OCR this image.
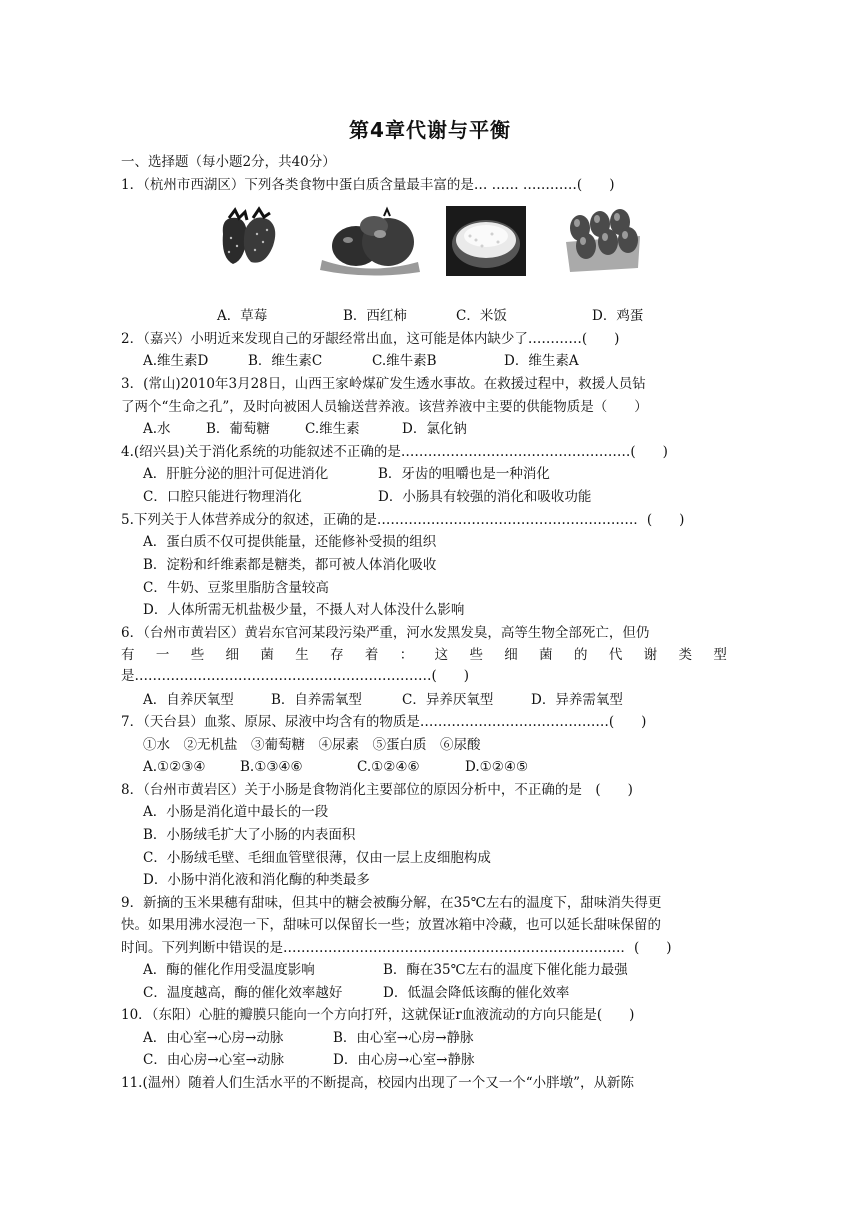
第4章代谢与平衡
一、选择题（每小题2分，共40分）
1．（杭州市西湖区）下列各类食物中蛋白质含量最丰富的是… …… …………(　　)
A．草莓	B．西红柿	C．米饭	D．鸡蛋
2．（嘉兴）小明近来发现自己的牙龈经常出血，这可能是体内缺少了…………(　　)
A.维生素D	B．维生素C	C.维牛素B	D．维生素A
3．(常山)2010年3月28日，山西王家岭煤矿发生透水事故。在救援过程中，救援人员钻
了两个“生命之孔”，及时向被困人员输送营养液。该营养液中主要的供能物质是（　　）
A.水	B．葡萄糖	C.维生素	D．氯化钠
4.(绍兴县)关于消化系统的功能叙述不正确的是……………………………………………(　　)
A．肝脏分泌的胆汁可促进消化	B．牙齿的咀嚼也是一种消化
C．口腔只能进行物理消化	D．小肠具有较强的消化和吸收功能
5.下列关于人体营养成分的叙述，正确的是…………………………………………………．(　　)
A．蛋白质不仅可提供能量，还能修补受损的组织
B．淀粉和纤维素都是糖类，都可被人体消化吸收
C．牛奶、豆浆里脂肪含量较高
D．人体所需无机盐极少量，不摄人对人体没什么影响
6．（台州市黄岩区）黄岩东官河某段污染严重，河水发黑发臭，高等生物全部死亡，但仍
有 一 些 细 菌 生 存 着 ： 这 些 细 菌 的 代 谢 类 型
是…………………………………………………………(　　)
A．自养厌氧型	B．自养需氧型	C．异养厌氧型	D．异养需氧型
7．（天台县）血浆、原尿、尿液中均含有的物质是……………………………………(　　)
①水　②无机盐　③葡萄糖　④尿素　⑤蛋白质　⑥尿酸
A.①②③④	B.①③④⑥	C.①②④⑥	D.①②④⑤
8．（台州市黄岩区）关于小肠是食物消化主要部位的原因分析中，不正确的是　(　　)
A．小肠是消化道中最长的一段
B．小肠绒毛扩大了小肠的内表面积
C．小肠绒毛壁、毛细血管壁很薄，仅由一层上皮细胞构成
D．小肠中消化液和消化酶的种类最多
9．新摘的玉米果穗有甜味，但其中的糖会被酶分解，在35℃左右的温度下，甜味消失得更
快。如果用沸水浸泡一下，甜味可以保留长一些；放置冰箱中冷藏，也可以延长甜味保留的
时间。下列判断中错误的是…………………………………………………………………．(　　)
A．酶的催化作用受温度影响	B．酶在35℃左右的温度下催化能力最强
C．温度越高，酶的催化效率越好	D．低温会降低该酶的催化效率
10．（东阳）心脏的瓣膜只能向一个方向打歼，这就保证r血液流动的方向只能是(　　)
A．由心室→心房→动脉	B．由心室→心房→静脉
C．由心房→心室→动脉	D．由心房→心室→静脉
11.(温州）随着人们生活水平的不断提高，校园内出现了一个又一个“小胖墩”，从新陈
